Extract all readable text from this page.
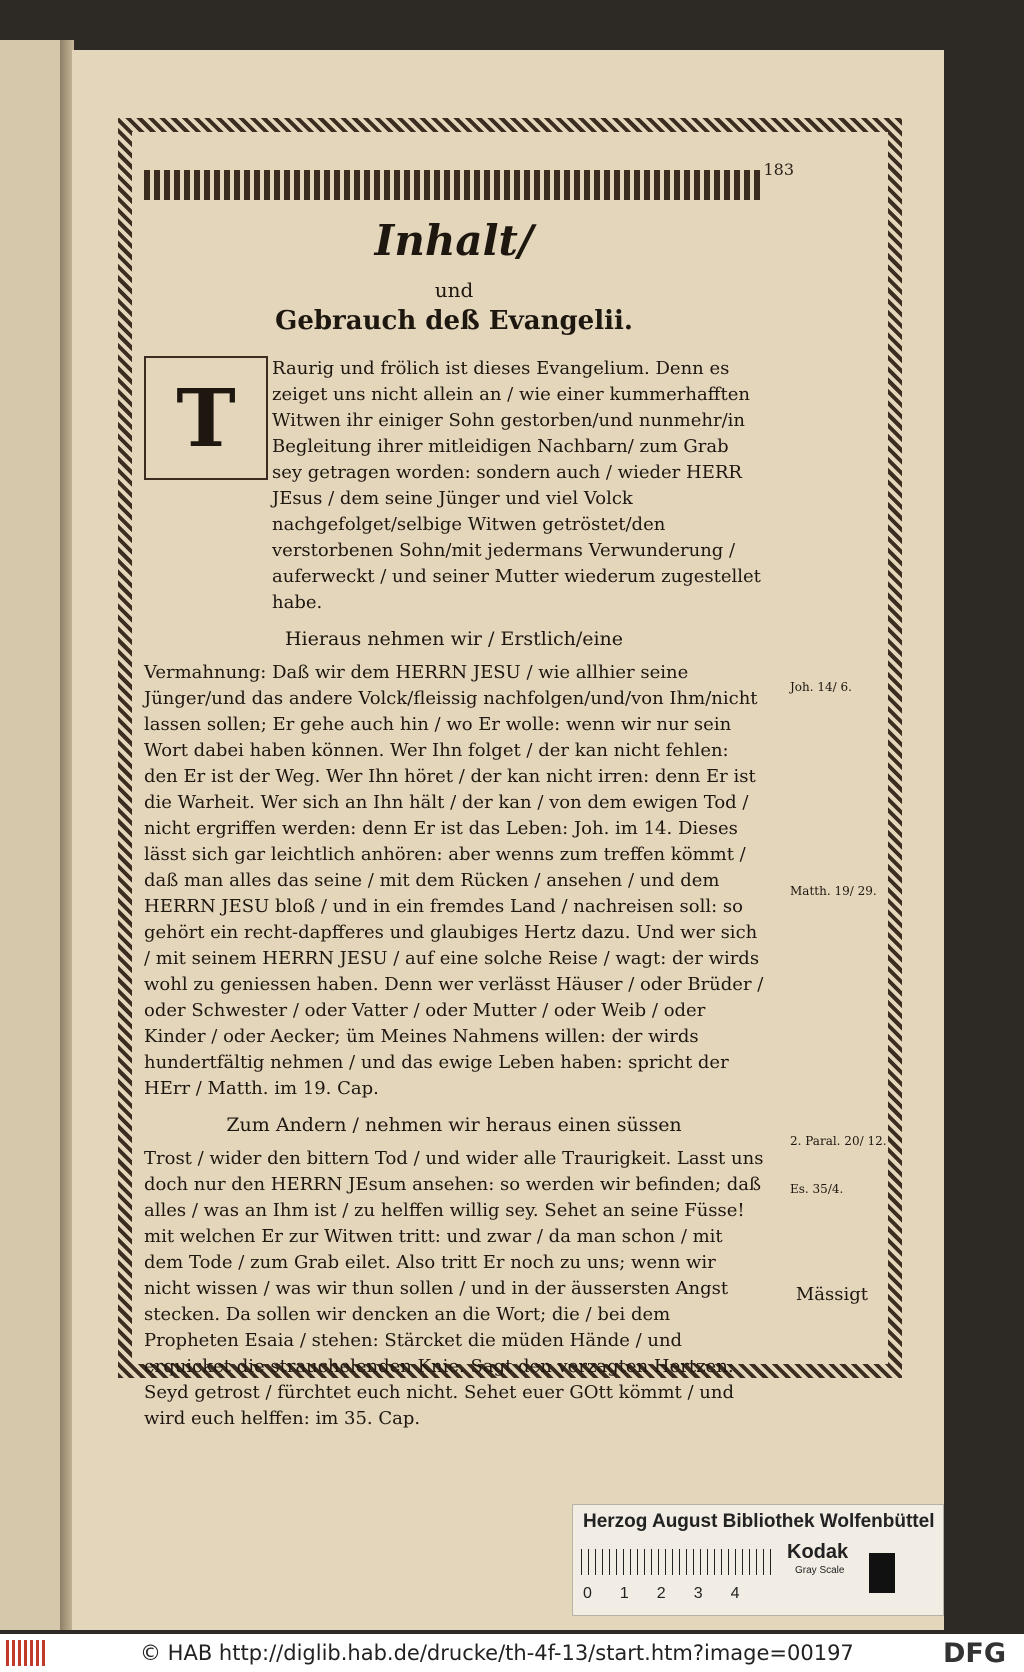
183
Inhalt/
und
Gebrauch deß Evangelii.
T

Raurig und frölich ist dieses Evangelium. Denn es zeiget uns nicht allein an / wie einer kummerhafften Witwen ihr einiger Sohn gestorben/und nunmehr/in Begleitung ihrer mitleidigen Nachbarn/ zum Grab sey getragen worden: sondern auch / wieder HERR JEsus / dem seine Jünger und viel Volck nachgefolget/selbige Witwen getröstet/den verstorbenen Sohn/mit jedermans Verwunderung / auferweckt / und seiner Mutter wiederum zugestellet habe.

Hieraus nehmen wir / Erstlich/eine

Vermahnung: Daß wir dem HERRN JESU / wie allhier seine Jünger/und das andere Volck/fleissig nachfolgen/und/von Ihm/nicht lassen sollen; Er gehe auch hin / wo Er wolle: wenn wir nur sein Wort dabei haben können. Wer Ihn folget / der kan nicht fehlen: den Er ist der Weg. Wer Ihn höret / der kan nicht irren: denn Er ist die Warheit. Wer sich an Ihn hält / der kan / von dem ewigen Tod / nicht ergriffen werden: denn Er ist das Leben: Joh. im 14. Dieses lässt sich gar leichtlich anhören: aber wenns zum treffen kömmt / daß man alles das seine / mit dem Rücken / ansehen / und dem HERRN JESU bloß / und in ein fremdes Land / nachreisen soll: so gehört ein recht-dapfferes und glaubiges Hertz dazu. Und wer sich / mit seinem HERRN JESU / auf eine solche Reise / wagt: der wirds wohl zu geniessen haben. Denn wer verlässt Häuser / oder Brüder / oder Schwester / oder Vatter / oder Mutter / oder Weib / oder Kinder / oder Aecker; üm Meines Nahmens willen: der wirds hundertfältig nehmen / und das ewige Leben haben: spricht der HErr / Matth. im 19. Cap.

Zum Andern / nehmen wir heraus einen süssen

Trost / wider den bittern Tod / und wider alle Traurigkeit. Lasst uns doch nur den HERRN JEsum ansehen: so werden wir befinden; daß alles / was an Ihm ist / zu helffen willig sey. Sehet an seine Füsse! mit welchen Er zur Witwen tritt: und zwar / da man schon / mit dem Tode / zum Grab eilet. Also tritt Er noch zu uns; wenn wir nicht wissen / was wir thun sollen / und in der äussersten Angst stecken. Da sollen wir dencken an die Wort; die / bei dem Propheten Esaia / stehen: Stärcket die müden Hände / und erquicket die strauchelenden Knie. Sagt den verzagten Hertzen: Seyd getrost / fürchtet euch nicht. Sehet euer GOtt kömmt / und wird euch helffen: im 35. Cap.

Joh. 14/ 6.
Matth. 19/ 29.
2. Paral. 20/ 12.
Es. 35/4.
Mässigt
Herzog August Bibliothek Wolfenbüttel
01234
Kodak
Gray Scale
© HAB http://diglib.hab.de/drucke/th-4f-13/start.htm?image=00197	DFG
